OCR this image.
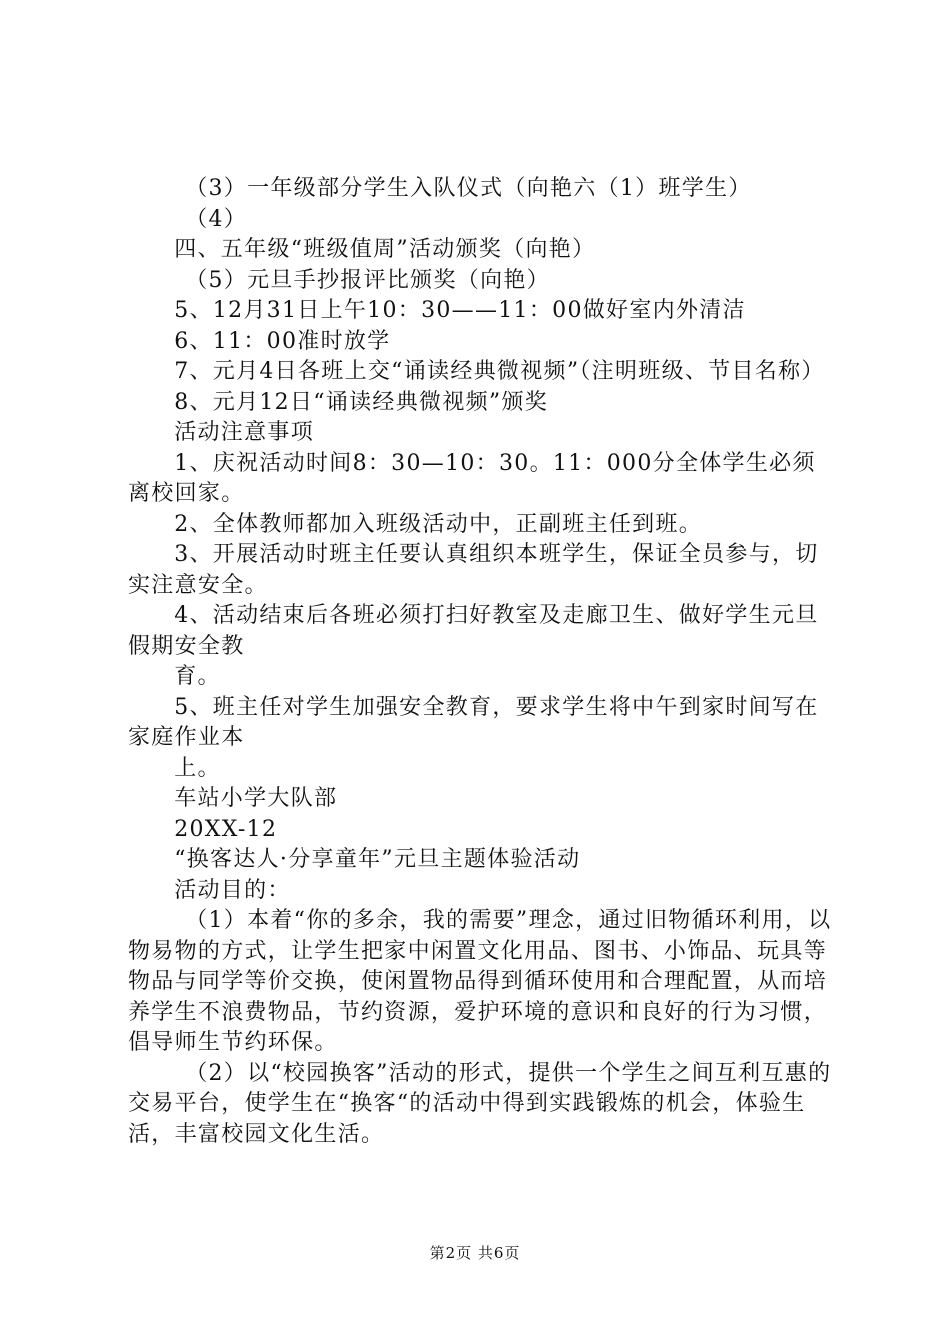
（3）一年级部分学生入队仪式（向艳六（1）班学生）

（4）

四、五年级“班级值周”活动颁奖（向艳）

（5）元旦手抄报评比颁奖（向艳）

5、12月31日上午10：30——11：00做好室内外清洁

6、11：00准时放学

7、元月4日各班上交“诵读经典微视频”（注明班级、节目名称）

8、元月12日“诵读经典微视频”颁奖

活动注意事项

1、庆祝活动时间8：30—10：30。11：000分全体学生必须离校回家。

2、全体教师都加入班级活动中，正副班主任到班。

3、开展活动时班主任要认真组织本班学生，保证全员参与，切实注意安全。

4、活动结束后各班必须打扫好教室及走廊卫生、做好学生元旦假期安全教

育。

5、班主任对学生加强安全教育，要求学生将中午到家时间写在家庭作业本

上。

车站小学大队部

20XX-12

“换客达人·分享童年”元旦主题体验活动

活动目的：

（1）本着“你的多余，我的需要”理念，通过旧物循环利用，以物易物的方式，让学生把家中闲置文化用品、图书、小饰品、玩具等物品与同学等价交换，使闲置物品得到循环使用和合理配置，从而培养学生不浪费物品，节约资源，爱护环境的意识和良好的行为习惯，倡导师生节约环保。

（2）以“校园换客”活动的形式，提供一个学生之间互利互惠的交易平台，使学生在“换客“的活动中得到实践锻炼的机会，体验生活，丰富校园文化生活。

第2页 共6页
